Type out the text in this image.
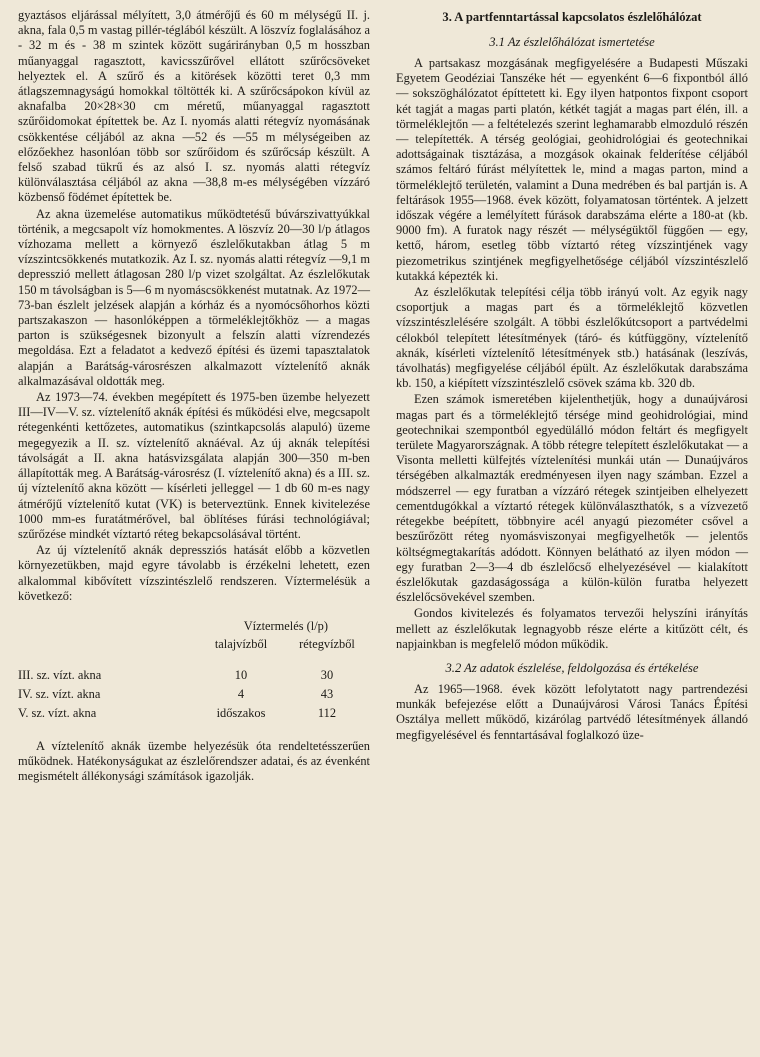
gyaztásos eljárással mélyített, 3,0 átmérőjű és 60 m mélységű II. j. akna, fala 0,5 m vastag pillér-téglából készült. A löszvíz foglalásához a - 32 m és - 38 m szintek között sugárirányban 0,5 m hosszban műanyaggal ragasztott, kavicsszűrővel ellátott szűrőcsöveket helyeztek el. A szűrő és a kitörések közötti teret 0,3 mm átlagszemnagyságú homokkal töltötték ki. A szűrőcsápokon kívül az aknafalba 20×28×30 cm méretű, műanyaggal ragasztott szűrőidomokat építettek be. Az I. nyomás alatti rétegvíz nyomásának csökkentése céljából az akna —52 és —55 m mélységeiben az előzőekhez hasonlóan több sor szűrőidom és szűrőcsáp készült. A felső szabad tükrű és az alsó I. sz. nyomás alatti rétegvíz különválasztása céljából az akna —38,8 m-es mélységében vízzáró közbenső födémet építettek be.

Az akna üzemelése automatikus működtetésű búvárszivattyúkkal történik, a megcsapolt víz homokmentes. A löszvíz 20—30 l/p átlagos vízhozama mellett a környező észlelőkutakban átlag 5 m vízszintcsökkenés mutatkozik. Az I. sz. nyomás alatti rétegvíz —9,1 m depresszió mellett átlagosan 280 l/p vizet szolgáltat. Az észlelőkutak 150 m távolságban is 5—6 m nyomáscsökkenést mutatnak. Az 1972—73-ban észlelt jelzések alapján a kórház és a nyomócsőhorhos közti partszakaszon — hasonlóképpen a törmeléklejtőkhöz — a magas parton is szükségesnek bizonyult a felszín alatti vízrendezés megoldása. Ezt a feladatot a kedvező építési és üzemi tapasztalatok alapján a Barátság-városrészen alkalmazott víztelenítő aknák alkalmazásával oldották meg.

Az 1973—74. években megépített és 1975-ben üzembe helyezett III—IV—V. sz. víztelenítő aknák építési és működési elve, megcsapolt rétegenkénti kettőzetes, automatikus (szintkapcsolás alapuló) üzeme megegyezik a II. sz. víztelenítő aknáéval. Az új aknák telepítési távolságát a II. akna hatásvizsgálata alapján 300—350 m-ben állapították meg. A Barátság-városrész (I. víztelenítő akna) és a III. sz. új víztelenítő akna között — kísérleti jelleggel — 1 db 60 m-es nagy átmérőjű víztelenítő kutat (VK) is beterveztünk. Ennek kivitelezése 1000 mm-es furatátmérővel, bal öblítéses fúrási technológiával; szűrőzése mindkét víztartó réteg bekapcsolásával történt.

Az új víztelenítő aknák depressziós hatását előbb a közvetlen környezetükben, majd egyre távolabb is érzékelni lehetett, ezen alkalommal kibővített vízszintészlelő rendszeren. Víztermelésük a következő:

	Víztermelés (l/p)	
	talajvízből	rétegvízből

III. sz. vízt. akna	10	30
IV. sz. vízt. akna	4	43
V. sz. vízt. akna	időszakos	112

A víztelenítő aknák üzembe helyezésük óta rendeltetésszerűen működnek. Hatékonyságukat az észlelőrendszer adatai, és az évenként megismételt állékonysági számítások igazolják.

3. A partfenntartással kapcsolatos észlelőhálózat
3.1 Az észlelőhálózat ismertetése

A partsakasz mozgásának megfigyelésére a Budapesti Műszaki Egyetem Geodéziai Tanszéke hét — egyenként 6—6 fixpontból álló — sokszöghálózatot építtetett ki. Egy ilyen hatpontos fixpont csoport két tagját a magas parti platón, kétkét tagját a magas part élén, ill. a törmeléklejtőn — a feltételezés szerint leghamarabb elmozduló részén — telepítették. A térség geológiai, geohidrológiai és geotechnikai adottságainak tisztázása, a mozgások okainak felderítése céljából számos feltáró fúrást mélyítettek le, mind a magas parton, mind a törmeléklejtő területén, valamint a Duna medrében és bal partján is. A feltárások 1955—1968. évek között, folyamatosan történtek. A jelzett időszak végére a lemélyített fúrások darabszáma elérte a 180-at (kb. 9000 fm). A furatok nagy részét — mélységüktől függően — egy, kettő, három, esetleg több víztartó réteg vízszintjének vagy piezometrikus szintjének megfigyelhetősége céljából vízszintészlelő kutakká képezték ki.

Az észlelőkutak telepítési célja több irányú volt. Az egyik nagy csoportjuk a magas part és a törmeléklejtő közvetlen vízszintészlelésére szolgált. A többi észlelőkútcsoport a partvédelmi célokból telepített létesítmények (táró- és kútfüggöny, víztelenítő aknák, kísérleti víztelenítő létesítmények stb.) hatásának (leszívás, távolhatás) megfigyelése céljából épült. Az észlelőkutak darabszáma kb. 150, a kiépített vízszintészlelő csövek száma kb. 320 db.

Ezen számok ismeretében kijelenthetjük, hogy a dunaújvárosi magas part és a törmeléklejtő térsége mind geohidrológiai, mind geotechnikai szempontból egyedülálló módon feltárt és megfigyelt területe Magyarországnak. A több rétegre telepített észlelőkutakat — a Visonta melletti külfejtés víztelenítési munkái után — Dunaújváros térségében alkalmazták eredményesen ilyen nagy számban. Ezzel a módszerrel — egy furatban a vízzáró rétegek szintjeiben elhelyezett cementdugókkal a víztartó rétegek különválaszthatók, s a vízvezető rétegekbe beépített, többnyire acél anyagú piezométer csővel a beszűrőzött réteg nyomásviszonyai megfigyelhetők — jelentős költségmegtakarítás adódott. Könnyen belátható az ilyen módon — egy furatban 2—3—4 db észlelőcső elhelyezésével — kialakított észlelőkutak gazdaságossága a külön-külön furatba helyezett észlelőcsövekével szemben.

Gondos kivitelezés és folyamatos tervezői helyszíni irányítás mellett az észlelőkutak legnagyobb része elérte a kitűzött célt, és napjainkban is megfelelő módon működik.

3.2 Az adatok észlelése, feldolgozása és értékelése

Az 1965—1968. évek között lefolytatott nagy partrendezési munkák befejezése előtt a Dunaújvárosi Városi Tanács Építési Osztálya mellett működő, kizárólag partvédő létesítmények állandó megfigyelésével és fenntartásával foglalkozó üze-
